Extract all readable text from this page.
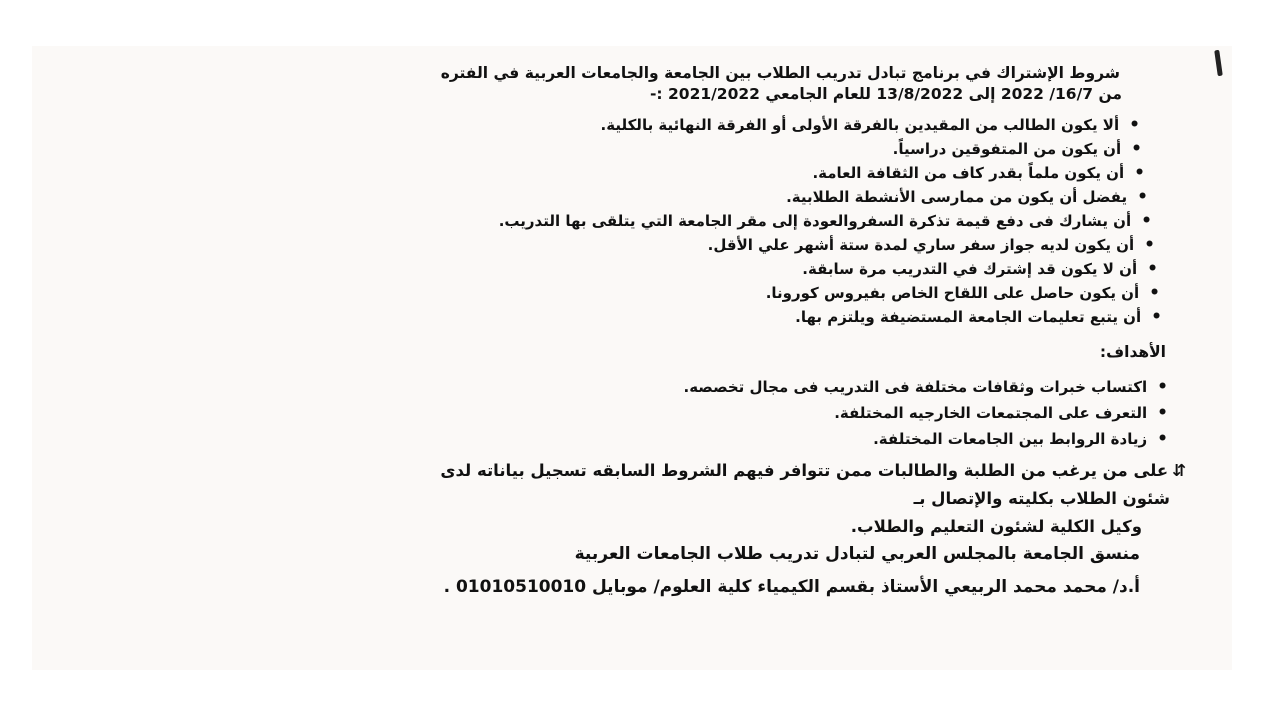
شروط الإشتراك في برنامج تبادل تدريب الطلاب بين الجامعة والجامعات العربية في الفتره
من 16/7/ 2022 إلى 13/8/2022 للعام الجامعي 2021/2022 :-
• ألا يكون الطالب من المقيدين بالفرقة الأولى أو الفرقة النهائية بالكلية.
• أن يكون من المتفوقين دراسياً.
• أن يكون ملماً بقدر كاف من الثقافة العامة.
• يفضل أن يكون من ممارسى الأنشطة الطلابية.
• أن يشارك فى دفع قيمة تذكرة السفروالعودة إلى مقر الجامعة التي يتلقى بها التدريب.
• أن يكون لديه جواز سفر ساري لمدة ستة أشهر علي الأقل.
• أن لا يكون قد إشترك في التدريب مرة سابقة.
• أن يكون حاصل على اللقاح الخاص بفيروس كورونا.
• أن يتبع تعليمات الجامعة المستضيفة ويلتزم بها.
الأهداف:
• اكتساب خبرات وثقافات مختلفة فى التدريب فى مجال تخصصه.
• التعرف على المجتمعات الخارجيه المختلفة.
• زيادة الروابط بين الجامعات المختلفة.
⇵على من يرغب من الطلبة والطالبات ممن تتوافر فيهم الشروط السابقه تسجيل بياناته لدى
شئون الطلاب بكليته والإتصال بـ
وكيل الكلية لشئون التعليم والطلاب.
منسق الجامعة بالمجلس العربي لتبادل تدريب طلاب الجامعات العربية
أ.د/ محمد محمد الربيعي الأستاذ بقسم الكيمياء كلية العلوم/ موبايل 01010510010 .
